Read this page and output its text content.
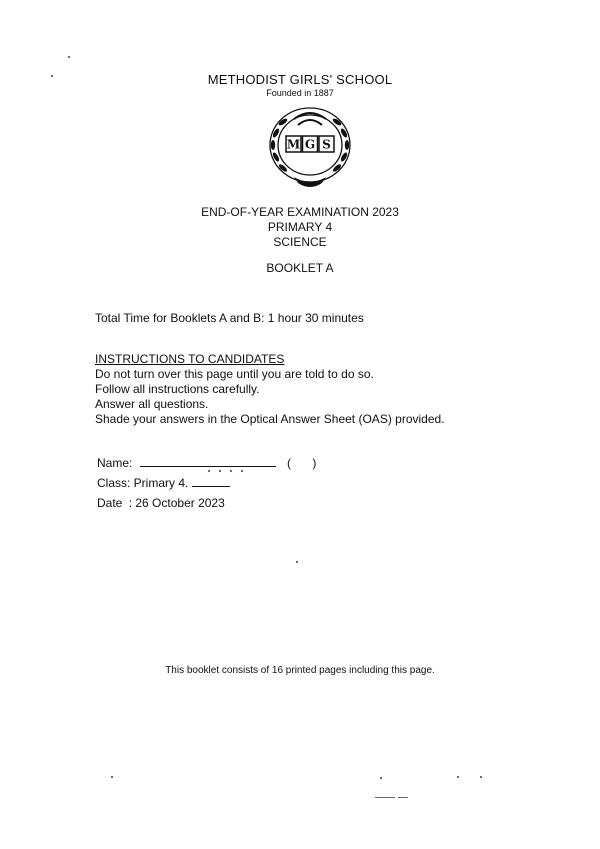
METHODIST GIRLS' SCHOOL
Founded in 1887
M G S
END-OF-YEAR EXAMINATION 2023
PRIMARY 4
SCIENCE
BOOKLET A
Total Time for Booklets A and B: 1 hour 30 minutes
INSTRUCTIONS TO CANDIDATES
Do not turn over this page until you are told to do so.
Follow all instructions carefully.
Answer all questions.
Shade your answers in the Optical Answer Sheet (OAS) provided.
Name:	( )
Class: Primary 4.
Date : 26 October 2023
This booklet consists of 16 printed pages including this page.
